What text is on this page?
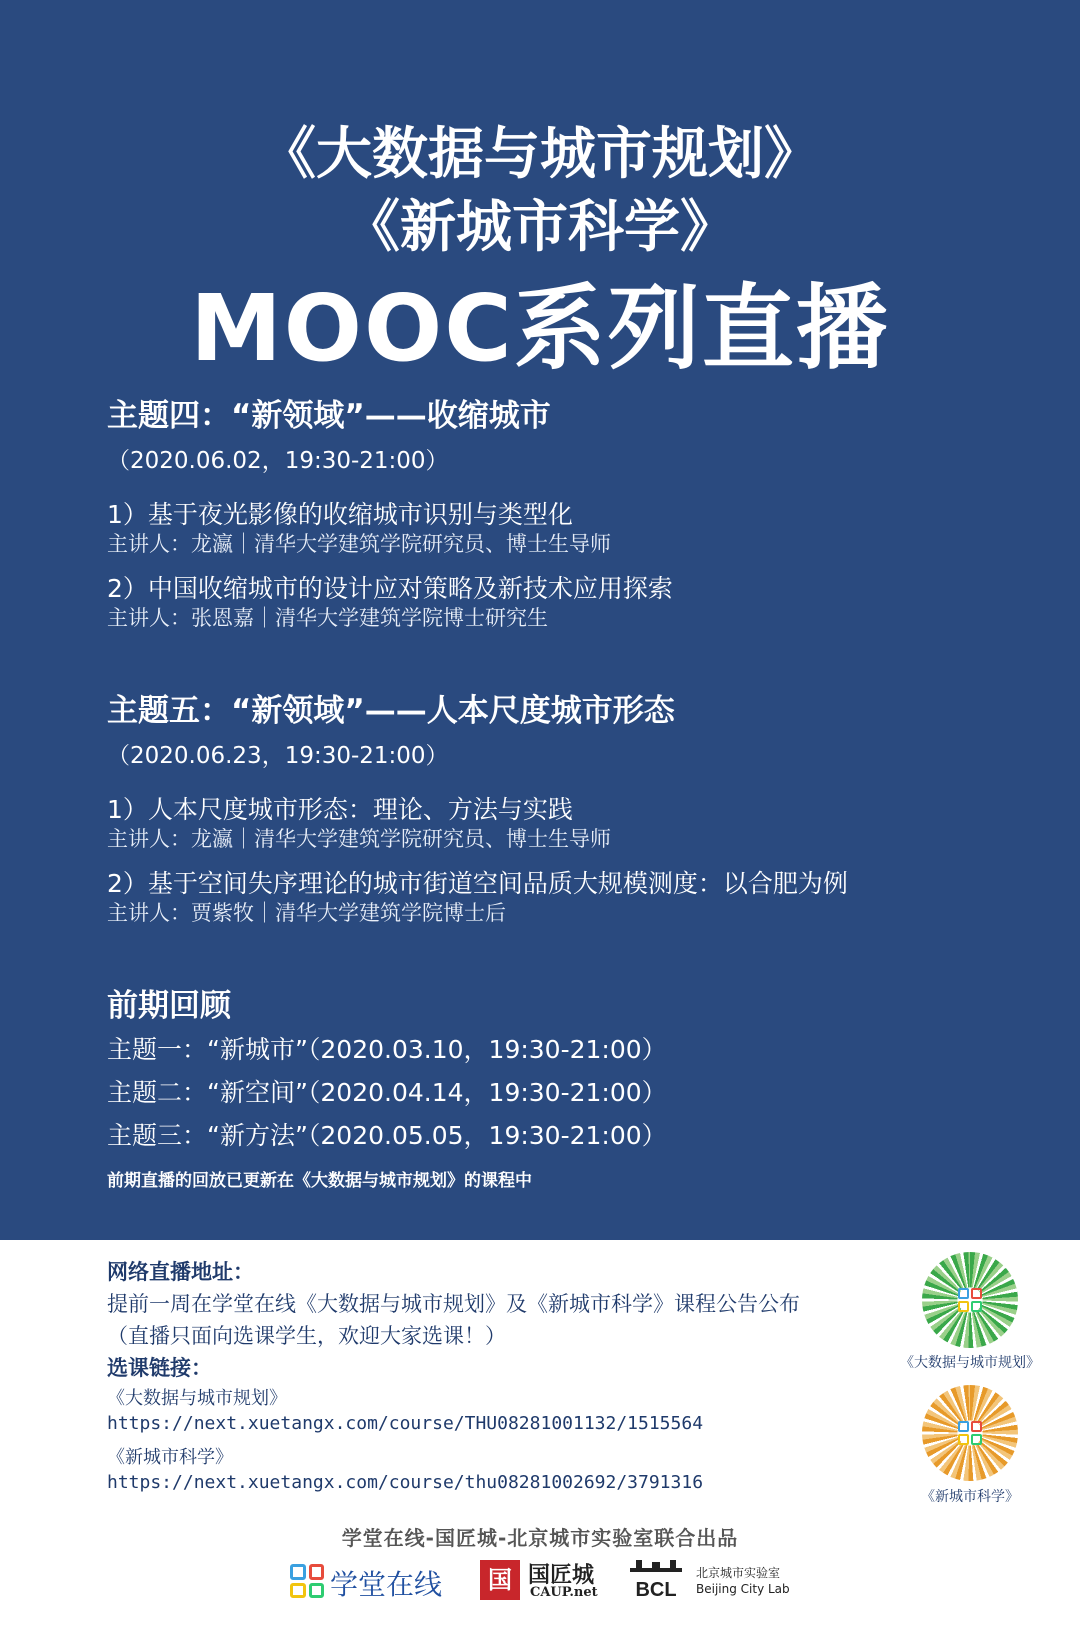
《大数据与城市规划》
《新城市科学》
MOOC系列直播
主题四：“新领域”——收缩城市
（2020.06.02，19:30-21:00）
1）基于夜光影像的收缩城市识别与类型化
主讲人：龙瀛｜清华大学建筑学院研究员、博士生导师
2）中国收缩城市的设计应对策略及新技术应用探索
主讲人：张恩嘉｜清华大学建筑学院博士研究生
主题五：“新领域”——人本尺度城市形态
（2020.06.23，19:30-21:00）
1）人本尺度城市形态：理论、方法与实践
主讲人：龙瀛｜清华大学建筑学院研究员、博士生导师
2）基于空间失序理论的城市街道空间品质大规模测度：以合肥为例
主讲人：贾紫牧｜清华大学建筑学院博士后
前期回顾
主题一：“新城市”（2020.03.10，19:30-21:00）
主题二：“新空间”（2020.04.14，19:30-21:00）
主题三：“新方法”（2020.05.05，19:30-21:00）
前期直播的回放已更新在《大数据与城市规划》的课程中
网络直播地址：
提前一周在学堂在线《大数据与城市规划》及《新城市科学》课程公告公布
（直播只面向选课学生，欢迎大家选课！）
选课链接：
《大数据与城市规划》
https://next.xuetangx.com/course/THU08281001132/1515564
《新城市科学》
https://next.xuetangx.com/course/thu08281002692/3791316
《大数据与城市规划》
《新城市科学》
学堂在线-国匠城-北京城市实验室联合出品
学堂在线	国 国匠城
CAUP.net BCL
北京城市实验室
Beijing City Lab
